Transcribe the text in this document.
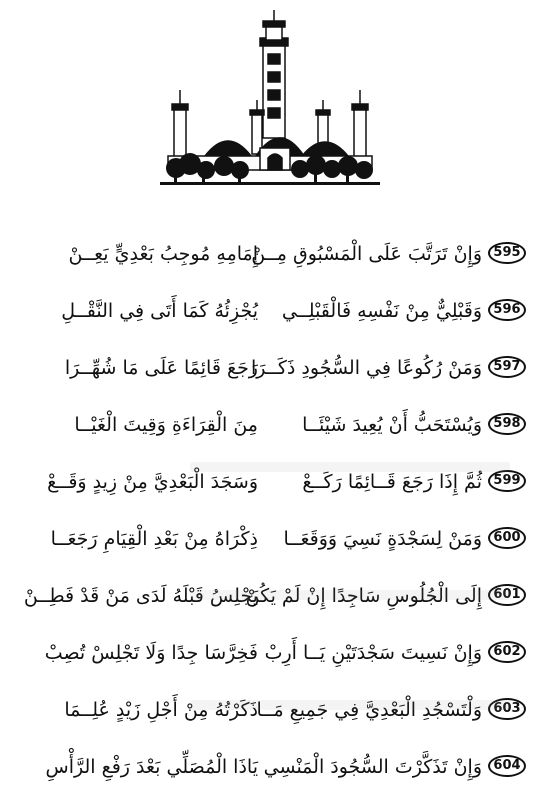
وَإِنْ تَرَتَّبَ عَلَى الْمَسْبُوقِ مِــنْ
إِمَامِهِ مُوجِبُ بَعْدِيٍّ يَعِــنْ	595
وَقَبْلِيٌّ مِنْ نَفْسِهِ فَالْقَبْلِــي
يُجْزِئُهُ كَمَا أَتَى فِي النَّقْــلِ	596
وَمَنْ رُكُوعًا فِي السُّجُودِ ذَكَــرَا
رَجَعَ قَائِمًا عَلَى مَا شُهِّــرَا	597
وَيُسْتَحَبُّ أَنْ يُعِيدَ شَيْئَــا
مِنَ الْقِرَاءَةِ وَقِيتَ الْغَيْــا	598
ثُمَّ إِذَا رَجَعَ قَــائِمًا رَكَــعْ
وَسَجَدَ الْبَعْدِيَّ مِنْ زِيدٍ وَقَــعْ	599
وَمَنْ لِسَجْدَةٍ نَسِيَ وَوَقَعَــا
ذِكْرَاهُ مِنْ بَعْدِ الْقِيَامِ رَجَعَــا	600
إِلَى الْجُلُوسِ سَاجِدًا إِنْ لَمْ يَكُنْ
يَجْلِسُ قَبْلَهُ لَدَى مَنْ قَدْ فَطِــنْ	601
وَإِنْ نَسِيتَ سَجْدَتَيْنِ يَــا أَرِبْ
فَخِرَّسَا جِدًا وَلَا تَجْلِسْ تُصِبْ	602
وَلْتَسْجُدِ الْبَعْدِيَّ فِي جَمِيعِ مَــا
ذَكَرْتُهُ مِنْ أَجْلِ زَيْدٍ عُلِــمَا	603
وَإِنْ تَذَكَّرْتَ السُّجُودَ الْمَنْسِي
يَاذَا الْمُصَلِّي بَعْدَ رَفْعِ الرَّأْسِ	604
